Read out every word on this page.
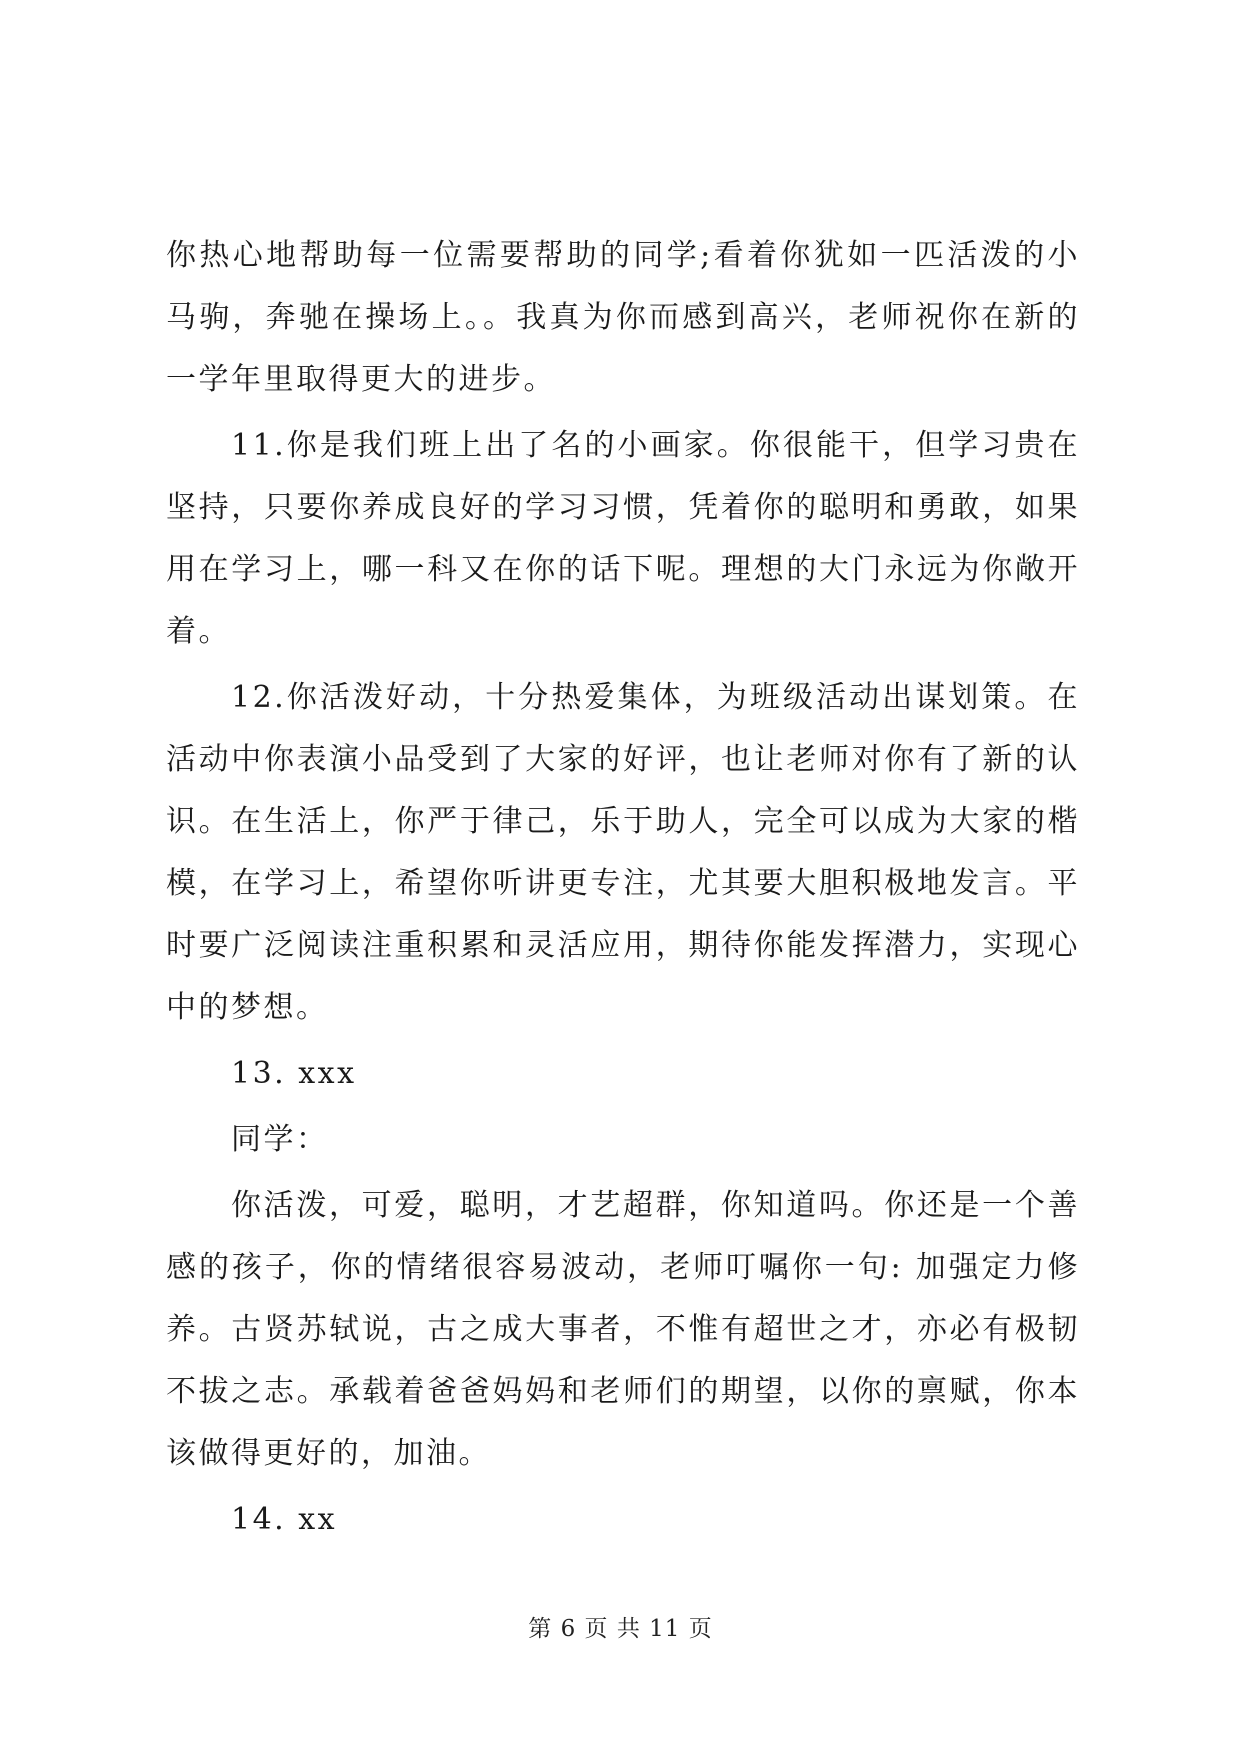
你热心地帮助每一位需要帮助的同学;看着你犹如一匹活泼的小马驹，奔驰在操场上。。我真为你而感到高兴，老师祝你在新的一学年里取得更大的进步。

11.你是我们班上出了名的小画家。你很能干，但学习贵在坚持，只要你养成良好的学习习惯，凭着你的聪明和勇敢，如果用在学习上，哪一科又在你的话下呢。理想的大门永远为你敞开着。

12.你活泼好动，十分热爱集体，为班级活动出谋划策。在活动中你表演小品受到了大家的好评，也让老师对你有了新的认识。在生活上，你严于律己，乐于助人，完全可以成为大家的楷模，在学习上，希望你听讲更专注，尤其要大胆积极地发言。平时要广泛阅读注重积累和灵活应用，期待你能发挥潜力，实现心中的梦想。

13. xxx

同学：

你活泼，可爱，聪明，才艺超群，你知道吗。你还是一个善感的孩子，你的情绪很容易波动，老师叮嘱你一句: 加强定力修养。古贤苏轼说，古之成大事者，不惟有超世之才，亦必有极韧不拔之志。承载着爸爸妈妈和老师们的期望，以你的禀赋，你本该做得更好的，加油。

14. xx

第 6 页 共 11 页
